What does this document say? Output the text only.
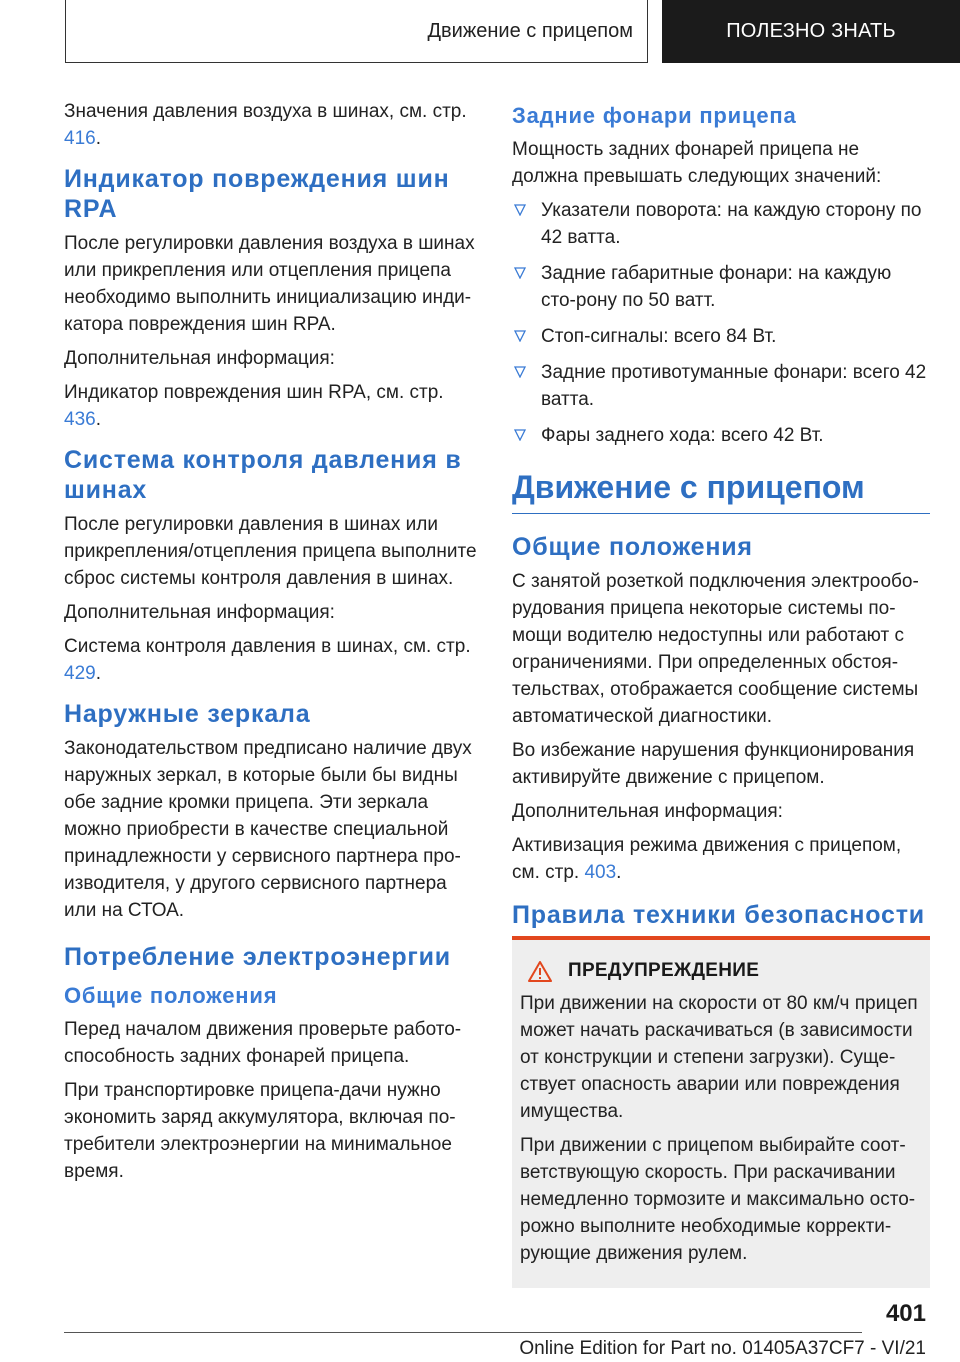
Движение с прицепом	ПОЛЕЗНО ЗНАТЬ

Значения давления воздуха в шинах, см. стр. 416.

Индикатор повреждения шин RPA

После регулировки давления воздуха в шинах или прикрепления или отцепления прицепа необходимо выполнить инициализацию инди-катора повреждения шин RPA.

Дополнительная информация:

Индикатор повреждения шин RPA, см. стр. 436.

Система контроля давления в шинах

После регулировки давления в шинах или прикрепления/отцепления прицепа выполните сброс системы контроля давления в шинах.

Дополнительная информация:

Система контроля давления в шинах, см. стр. 429.

Наружные зеркала

Законодательством предписано наличие двух наружных зеркал, в которые были бы видны обе задние кромки прицепа. Эти зеркала можно приобрести в качестве специальной принадлежности у сервисного партнера про-изводителя, у другого сервисного партнера или на СТОА.

Потребление электроэнергии
Общие положения

Перед началом движения проверьте работо-способность задних фонарей прицепа.

При транспортировке прицепа-дачи нужно экономить заряд аккумулятора, включая по-требители электроэнергии на минимальное время.

Задние фонари прицепа

Мощность задних фонарей прицепа не должна превышать следующих значений:

Указатели поворота: на каждую сторону по 42 ватта.
Задние габаритные фонари: на каждую сто-рону по 50 ватт.
Стоп-сигналы: всего 84 Вт.
Задние противотуманные фонари: всего 42 ватта.
Фары заднего хода: всего 42 Вт.
Движение с прицепом
Общие положения

С занятой розеткой подключения электрообо-рудования прицепа некоторые системы по-мощи водителю недоступны или работают с ограничениями. При определенных обстоя-тельствах, отображается сообщение системы автоматической диагностики.

Во избежание нарушения функционирования активируйте движение с прицепом.

Дополнительная информация:

Активизация режима движения с прицепом, см. стр. 403.

Правила техники безопасности
ПРЕДУПРЕЖДЕНИЕ

При движении на скорости от 80 км/ч прицеп может начать раскачиваться (в зависимости от конструкции и степени загрузки). Суще-ствует опасность аварии или повреждения имущества.

При движении с прицепом выбирайте соот-ветствующую скорость. При раскачивании немедленно тормозите и максимально осто-рожно выполните необходимые корректи-рующие движения рулем.

401
Online Edition for Part no. 01405A37CF7 - VI/21
